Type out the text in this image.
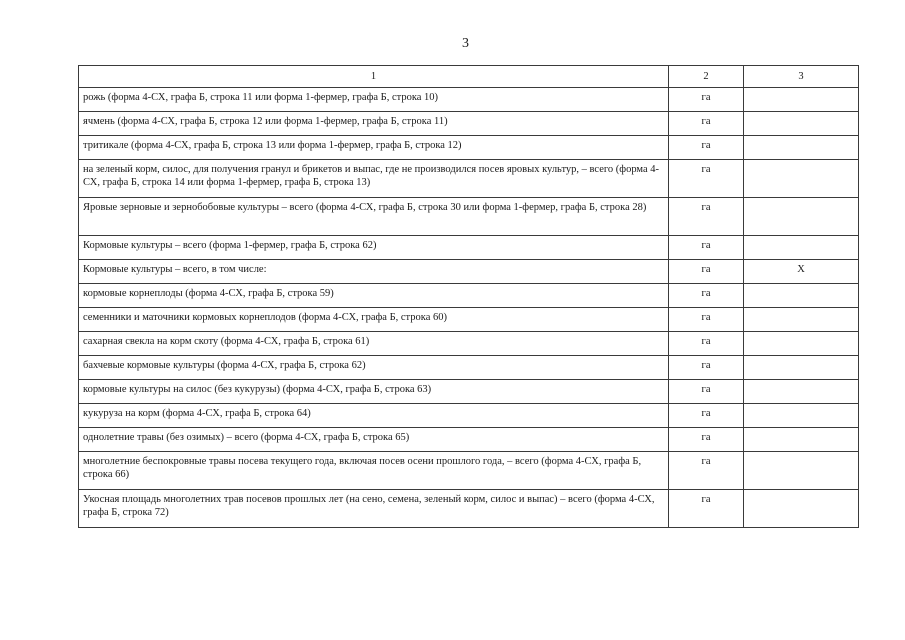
3
1	2	3
рожь (форма 4-СХ, графа Б, строка 11 или форма 1-фермер, графа Б, строка 10)	га	
ячмень (форма 4-СХ, графа Б, строка 12 или форма 1-фермер, графа Б, строка 11)	га	
тритикале (форма 4-СХ, графа Б, строка 13 или форма 1-фермер, графа Б, строка 12)	га	
на зеленый корм, силос, для получения гранул и брикетов и выпас, где не производился посев яровых культур, – всего (форма 4-СХ, графа Б, строка 14 или форма 1-фермер, графа Б, строка 13)	га	
Яровые зерновые и зернобобовые культуры – всего (форма 4-СХ, графа Б, строка 30 или форма 1-фермер, графа Б, строка 28)	га	
Кормовые культуры – всего (форма 1-фермер, графа Б, строка 62)	га	
Кормовые культуры – всего, в том числе:	га	X
кормовые корнеплоды (форма 4-СХ, графа Б, строка 59)	га	
семенники и маточники кормовых корнеплодов (форма 4-СХ, графа Б, строка 60)	га	
сахарная свекла на корм скоту (форма 4-СХ, графа Б, строка 61)	га	
бахчевые кормовые культуры (форма 4-СХ, графа Б, строка 62)	га	
кормовые культуры на силос (без кукурузы) (форма 4-СХ, графа Б, строка 63)	га	
кукуруза на корм (форма 4-СХ, графа Б, строка 64)	га	
однолетние травы (без озимых) – всего (форма 4-СХ, графа Б, строка 65)	га	
многолетние беспокровные травы посева текущего года, включая посев осени прошлого года, – всего (форма 4-СХ, графа Б, строка 66)	га	
Укосная площадь многолетних трав посевов прошлых лет (на сено, семена, зеленый корм, силос и выпас) – всего (форма 4-СХ, графа Б, строка 72)	га	
